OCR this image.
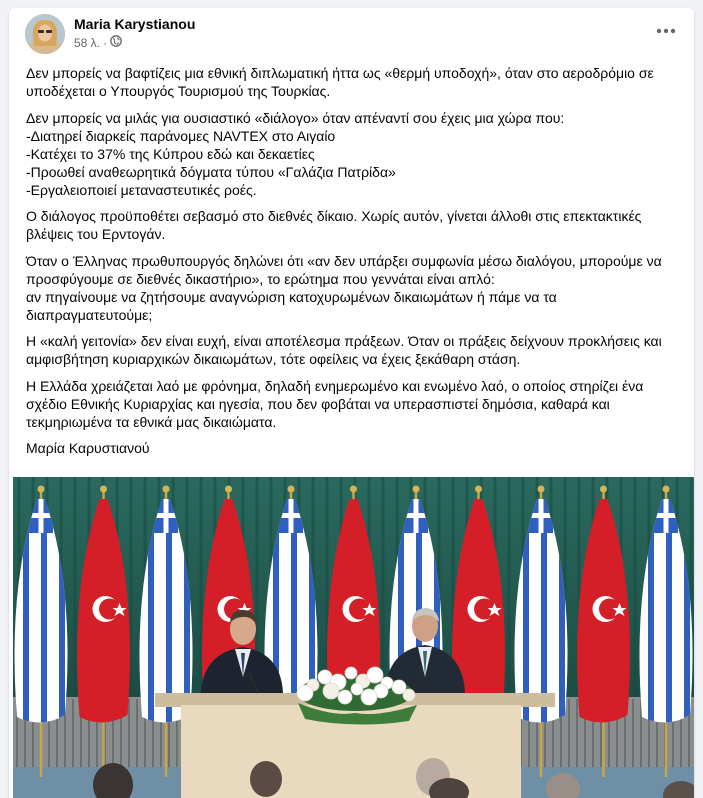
Maria Karystianou
58 λ. ·
Δεν μπορείς να βαφτίζεις μια εθνική διπλωματική ήττα ως «θερμή υποδοχή», όταν στο αεροδρόμιο σε
υποδέχεται ο Υπουργός Τουρισμού της Τουρκίας.
Δεν μπορείς να μιλάς για ουσιαστικό «διάλογο» όταν απέναντί σου έχεις μια χώρα που:
-Διατηρεί διαρκείς παράνομες NAVTEX στο Αιγαίο
-Κατέχει το 37% της Κύπρου εδώ και δεκαετίες
-Προωθεί αναθεωρητικά δόγματα τύπου «Γαλάζια Πατρίδα»
-Εργαλειοποιεί μεταναστευτικές ροές.
Ο διάλογος προϋποθέτει σεβασμό στο διεθνές δίκαιο. Χωρίς αυτόν, γίνεται άλλοθι στις επεκτακτικές
βλέψεις του Ερντογάν.
Όταν ο Έλληνας πρωθυπουργός δηλώνει ότι «αν δεν υπάρξει συμφωνία μέσω διαλόγου, μπορούμε να
προσφύγουμε σε διεθνές δικαστήριο», το ερώτημα που γεννάται είναι απλό:
αν πηγαίνουμε να ζητήσουμε αναγνώριση κατοχυρωμένων δικαιωμάτων ή πάμε να τα
διαπραγματευτούμε;
Η «καλή γειτονία» δεν είναι ευχή, είναι αποτέλεσμα πράξεων. Όταν οι πράξεις δείχνουν προκλήσεις και
αμφισβήτηση κυριαρχικών δικαιωμάτων, τότε οφείλεις να έχεις ξεκάθαρη στάση.
Η Ελλάδα χρειάζεται λαό με φρόνημα, δηλαδή ενημερωμένο και ενωμένο λαό, ο οποίος στηρίζει ένα
σχέδιο Εθνικής Κυριαρχίας και ηγεσία, που δεν φοβάται να υπερασπιστεί δημόσια, καθαρά και
τεκμηριωμένα τα εθνικά μας δικαιώματα.
Μαρία Καρυστιανού
